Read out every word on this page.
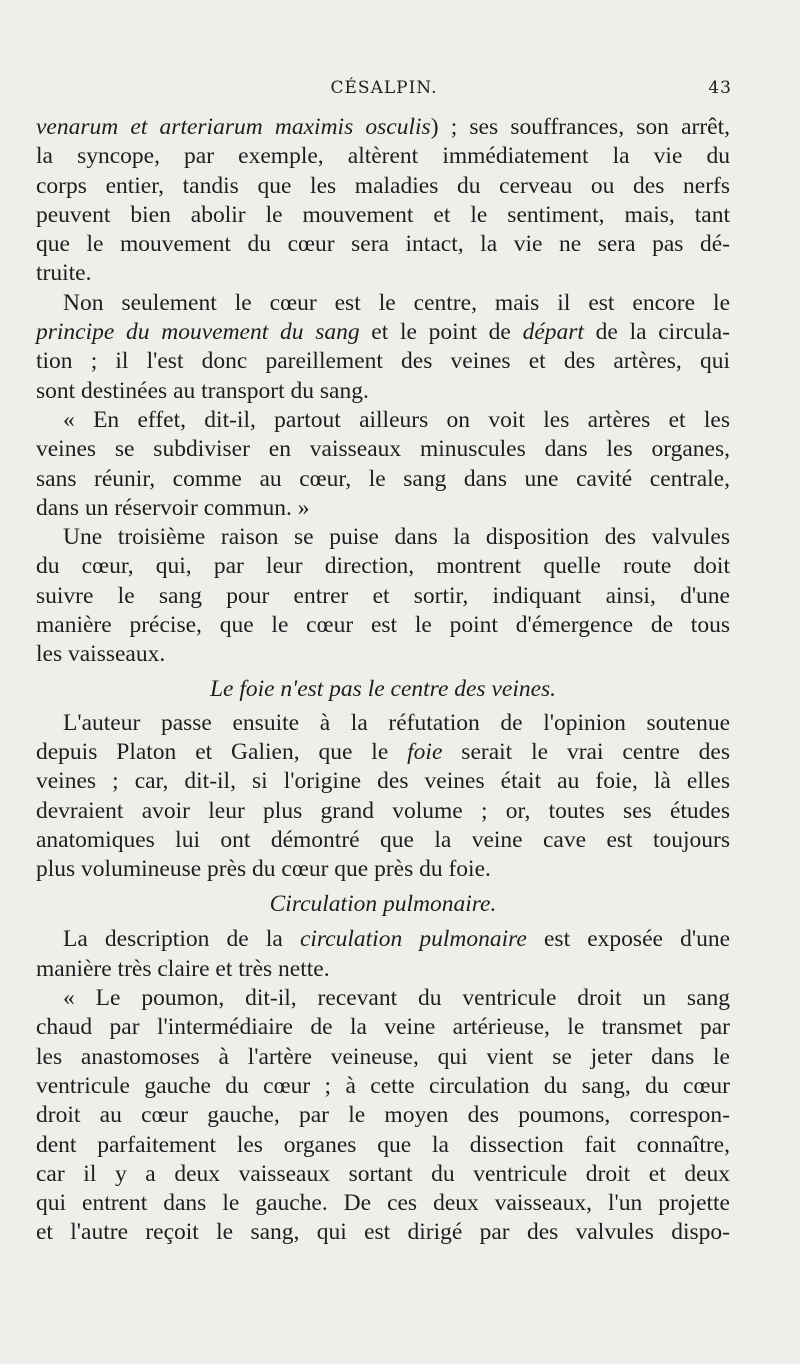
CÉSALPIN.	43
venarum et arteriarum maximis osculis) ; ses souffrances, son arrêt,
la syncope, par exemple, altèrent immédiatement la vie du
corps entier, tandis que les maladies du cerveau ou des nerfs
peuvent bien abolir le mouvement et le sentiment, mais, tant
que le mouvement du cœur sera intact, la vie ne sera pas dé-
truite.
Non seulement le cœur est le centre, mais il est encore le
principe du mouvement du sang et le point de départ de la circula-
tion ; il l'est donc pareillement des veines et des artères, qui
sont destinées au transport du sang.
« En effet, dit-il, partout ailleurs on voit les artères et les
veines se subdiviser en vaisseaux minuscules dans les organes,
sans réunir, comme au cœur, le sang dans une cavité centrale,
dans un réservoir commun. »
Une troisième raison se puise dans la disposition des valvules
du cœur, qui, par leur direction, montrent quelle route doit
suivre le sang pour entrer et sortir, indiquant ainsi, d'une
manière précise, que le cœur est le point d'émergence de tous
les vaisseaux.
Le foie n'est pas le centre des veines.
L'auteur passe ensuite à la réfutation de l'opinion soutenue
depuis Platon et Galien, que le foie serait le vrai centre des
veines ; car, dit-il, si l'origine des veines était au foie, là elles
devraient avoir leur plus grand volume ; or, toutes ses études
anatomiques lui ont démontré que la veine cave est toujours
plus volumineuse près du cœur que près du foie.
Circulation pulmonaire.
La description de la circulation pulmonaire est exposée d'une
manière très claire et très nette.
« Le poumon, dit-il, recevant du ventricule droit un sang
chaud par l'intermédiaire de la veine artérieuse, le transmet par
les anastomoses à l'artère veineuse, qui vient se jeter dans le
ventricule gauche du cœur ; à cette circulation du sang, du cœur
droit au cœur gauche, par le moyen des poumons, correspon-
dent parfaitement les organes que la dissection fait connaître,
car il y a deux vaisseaux sortant du ventricule droit et deux
qui entrent dans le gauche. De ces deux vaisseaux, l'un projette
et l'autre reçoit le sang, qui est dirigé par des valvules dispo-
